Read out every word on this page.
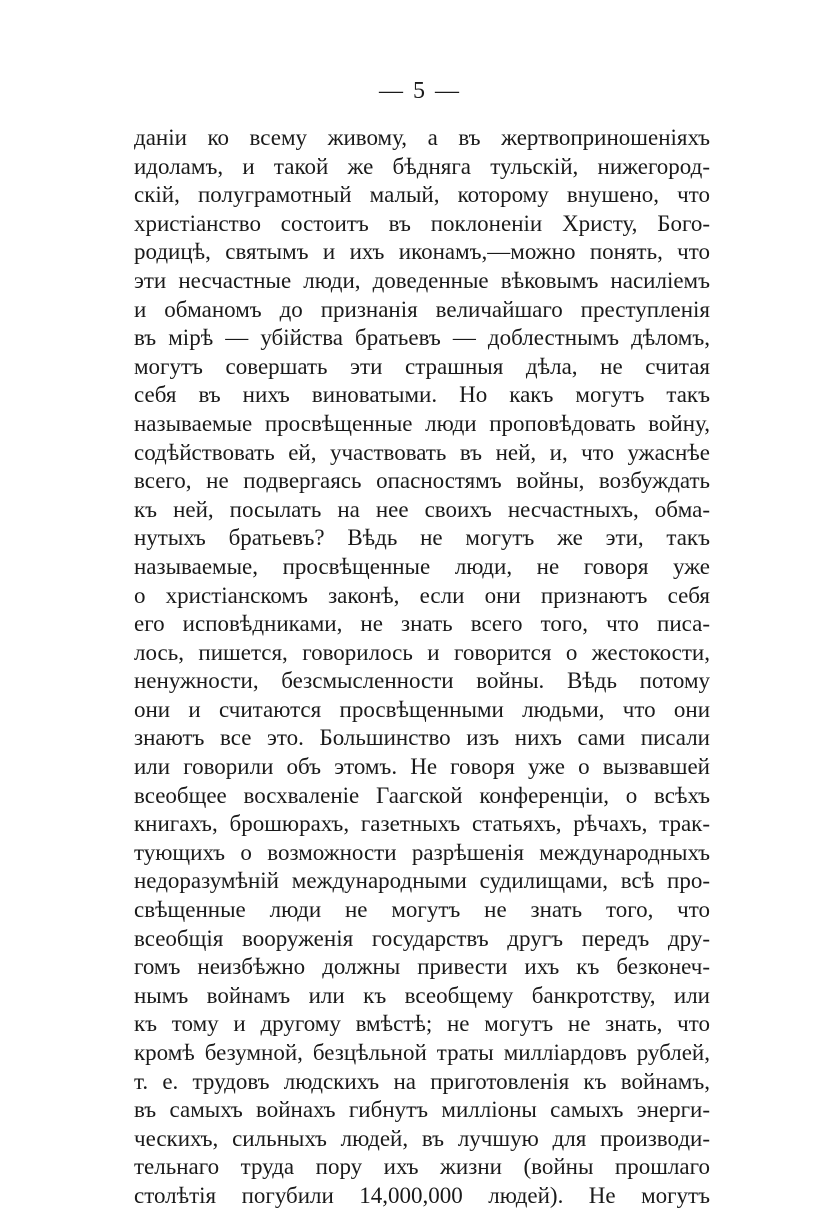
— 5 —
данiи ко всему живому, а въ жертвоприношенiяхъ
идоламъ, и такой же бѣдняга тульскiй, нижегород-
скiй, полуграмотный малый, которому внушено, что
христiанство состоитъ въ поклоненiи Христу, Бого-
родицѣ, святымъ и ихъ иконамъ,—можно понять, что
эти несчастные люди, доведенные вѣковымъ насилiемъ
и обманомъ до признанiя величайшаго преступленiя
въ мiрѣ — убiйства братьевъ — доблестнымъ дѣломъ,
могутъ совершать эти страшныя дѣла, не считая
себя въ нихъ виноватыми. Но какъ могутъ такъ
называемые просвѣщенные люди проповѣдовать войну,
содѣйствовать ей, участвовать въ ней, и, что ужаснѣе
всего, не подвергаясь опасностямъ войны, возбуждать
къ ней, посылать на нее своихъ несчастныхъ, обма-
нутыхъ братьевъ? Вѣдь не могутъ же эти, такъ
называемые, просвѣщенные люди, не говоря уже
о христiанскомъ законѣ, если они признаютъ себя
его исповѣдниками, не знать всего того, что писа-
лось, пишется, говорилось и говорится о жестокости,
ненужности, безсмысленности войны. Вѣдь потому
они и считаются просвѣщенными людьми, что они
знаютъ все это. Большинство изъ нихъ сами писали
или говорили объ этомъ. Не говоря уже о вызвавшей
всеобщее восхваленiе Гаагской конференцiи, о всѣхъ
книгахъ, брошюрахъ, газетныхъ статьяхъ, рѣчахъ, трак-
тующихъ о возможности разрѣшенiя международныхъ
недоразумѣнiй международными судилищами, всѣ про-
свѣщенные люди не могутъ не знать того, что
всеобщiя вооруженiя государствъ другъ передъ дру-
гомъ неизбѣжно должны привести ихъ къ безконеч-
нымъ войнамъ или къ всеобщему банкротству, или
къ тому и другому вмѣстѣ; не могутъ не знать, что
кромѣ безумной, безцѣльной траты миллiардовъ рублей,
т. е. трудовъ людскихъ на приготовленiя къ войнамъ,
въ самыхъ войнахъ гибнутъ миллiоны самыхъ энерги-
ческихъ, сильныхъ людей, въ лучшую для производи-
тельнаго труда пору ихъ жизни (войны прошлаго
столѣтiя погубили 14,000,000 людей). Не могутъ
